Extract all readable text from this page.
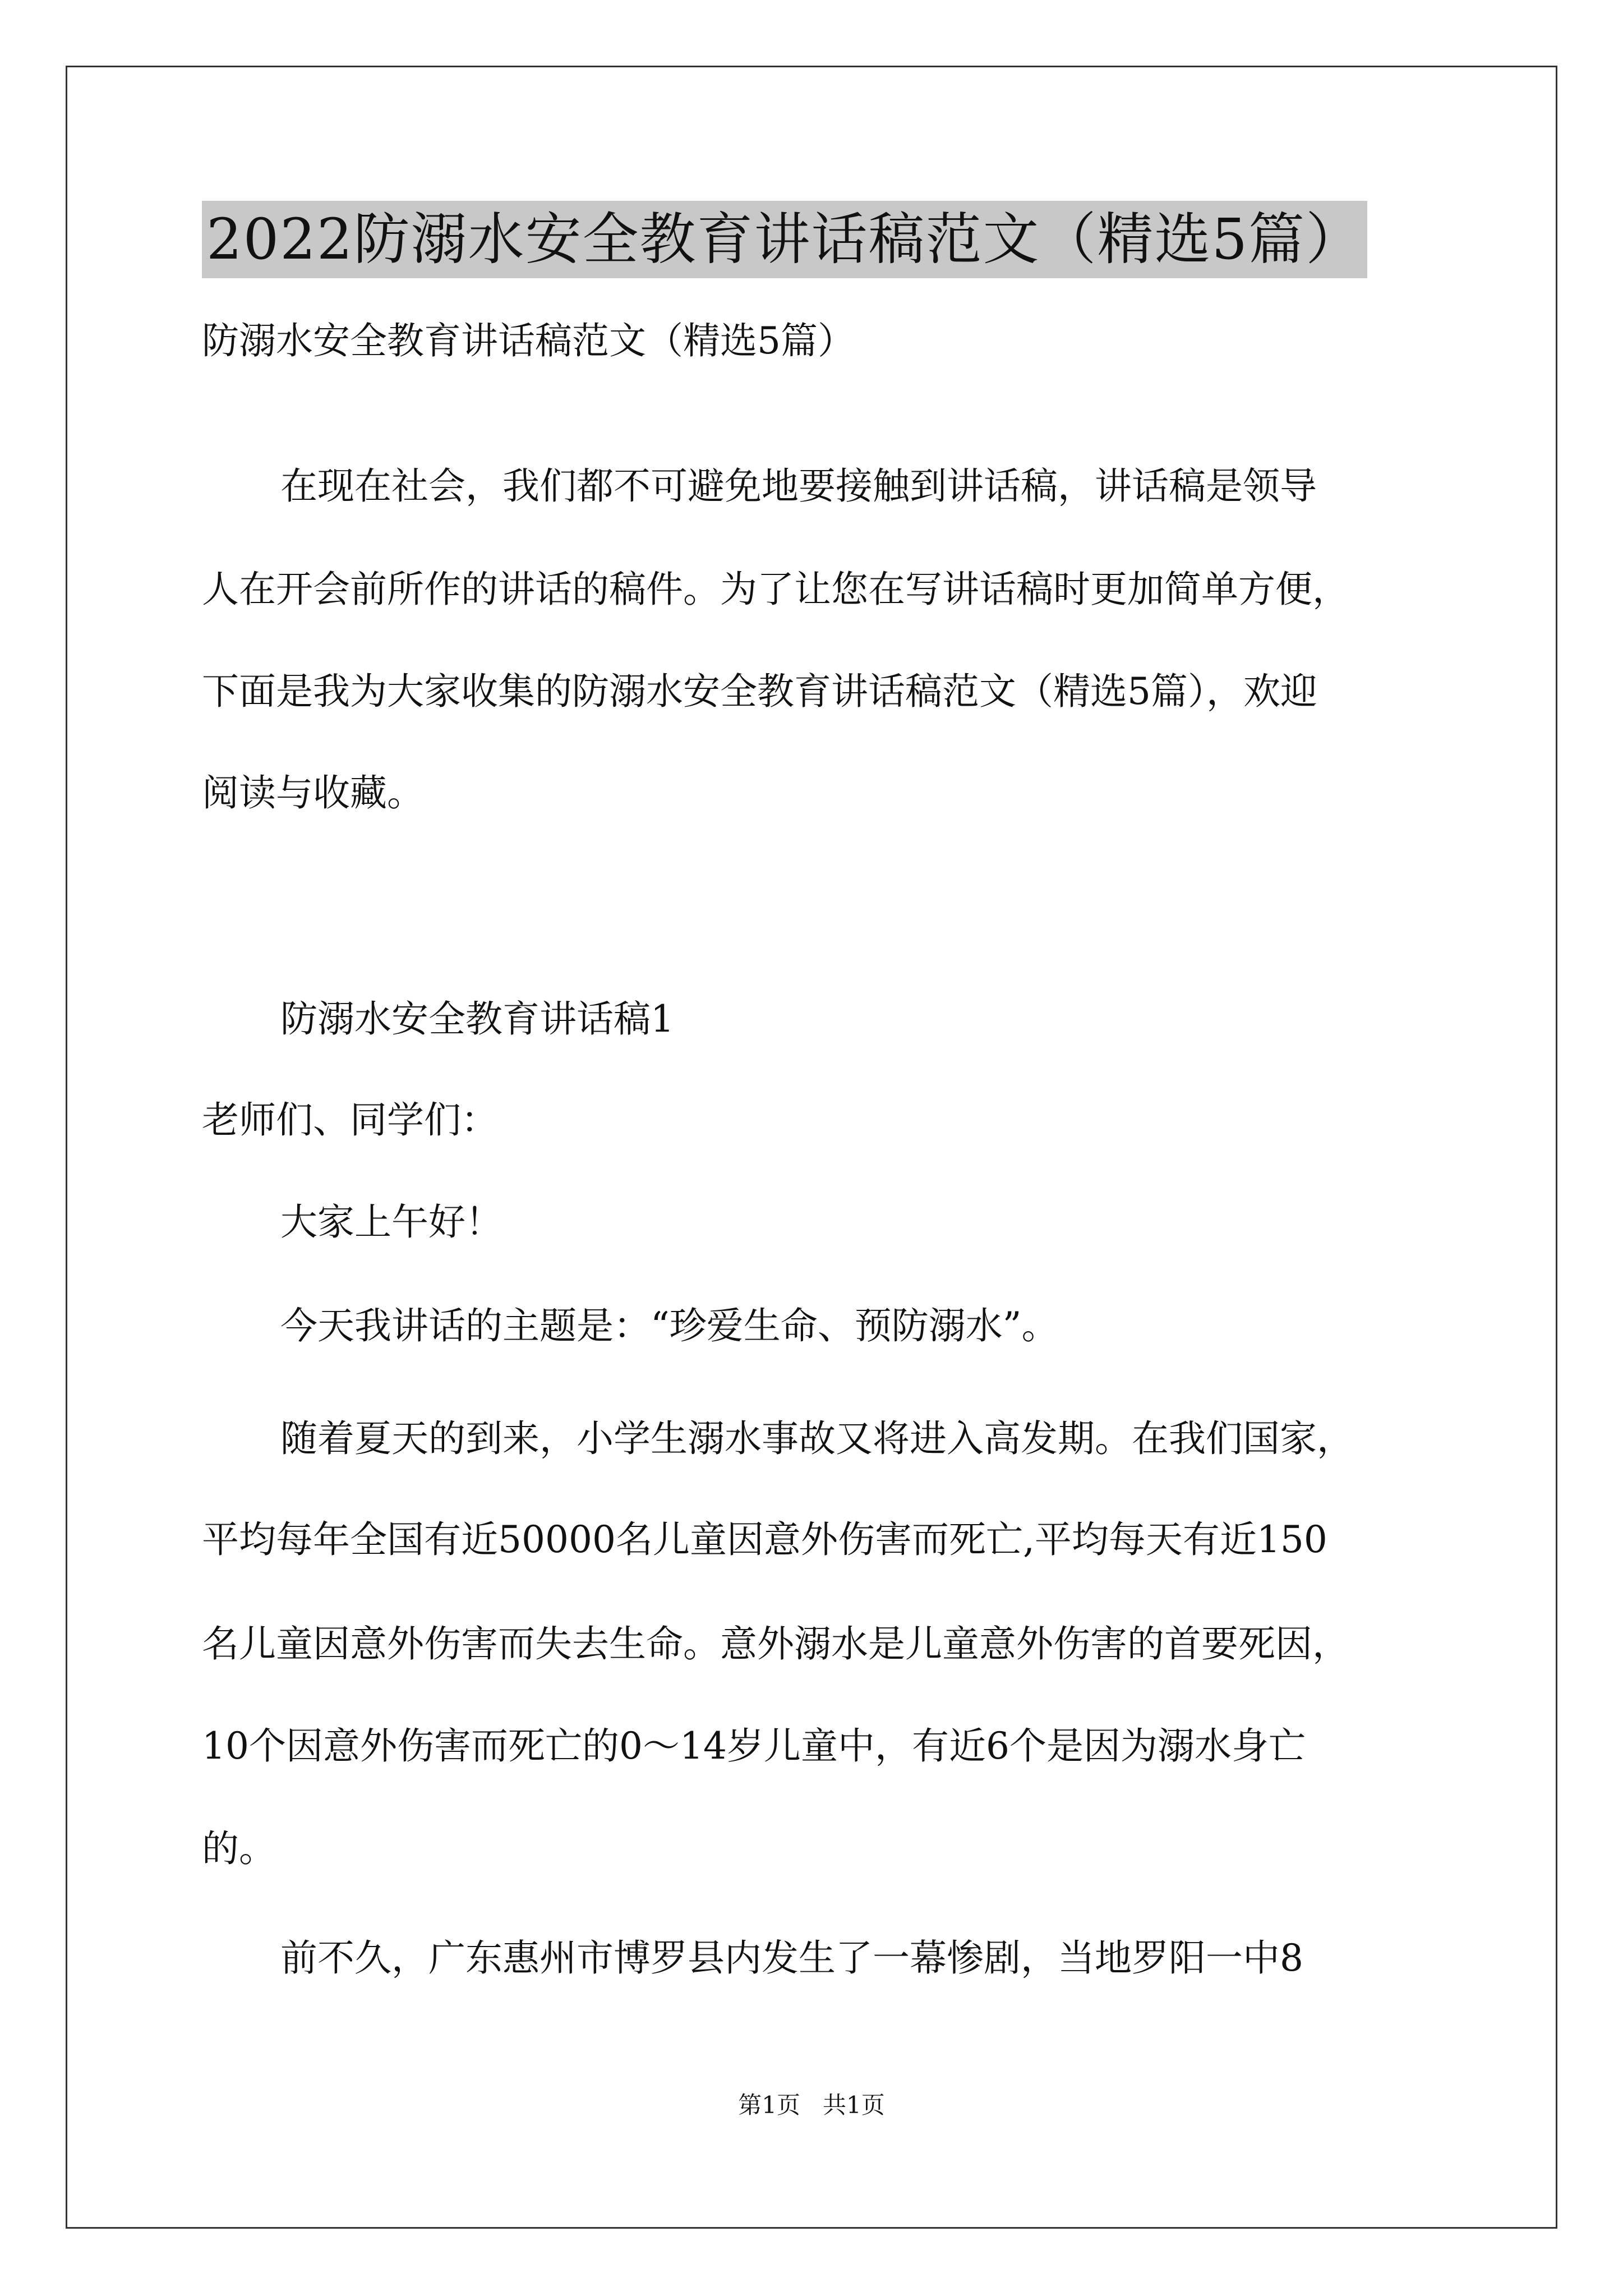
2022防溺水安全教育讲话稿范文（精选5篇）
防溺水安全教育讲话稿范文（精选5篇）
在现在社会，我们都不可避免地要接触到讲话稿，讲话稿是领导
人在开会前所作的讲话的稿件。为了让您在写讲话稿时更加简单方便，
下面是我为大家收集的防溺水安全教育讲话稿范文（精选5篇），欢迎
阅读与收藏。
防溺水安全教育讲话稿1
老师们、同学们：
大家上午好！
今天我讲话的主题是：“珍爱生命、预防溺水”。
随着夏天的到来，小学生溺水事故又将进入高发期。在我们国家，
平均每年全国有近50000名儿童因意外伤害而死亡,平均每天有近150
名儿童因意外伤害而失去生命。意外溺水是儿童意外伤害的首要死因，
10个因意外伤害而死亡的0～14岁儿童中，有近6个是因为溺水身亡
的。
前不久，广东惠州市博罗县内发生了一幕惨剧，当地罗阳一中8
第1页   共1页
